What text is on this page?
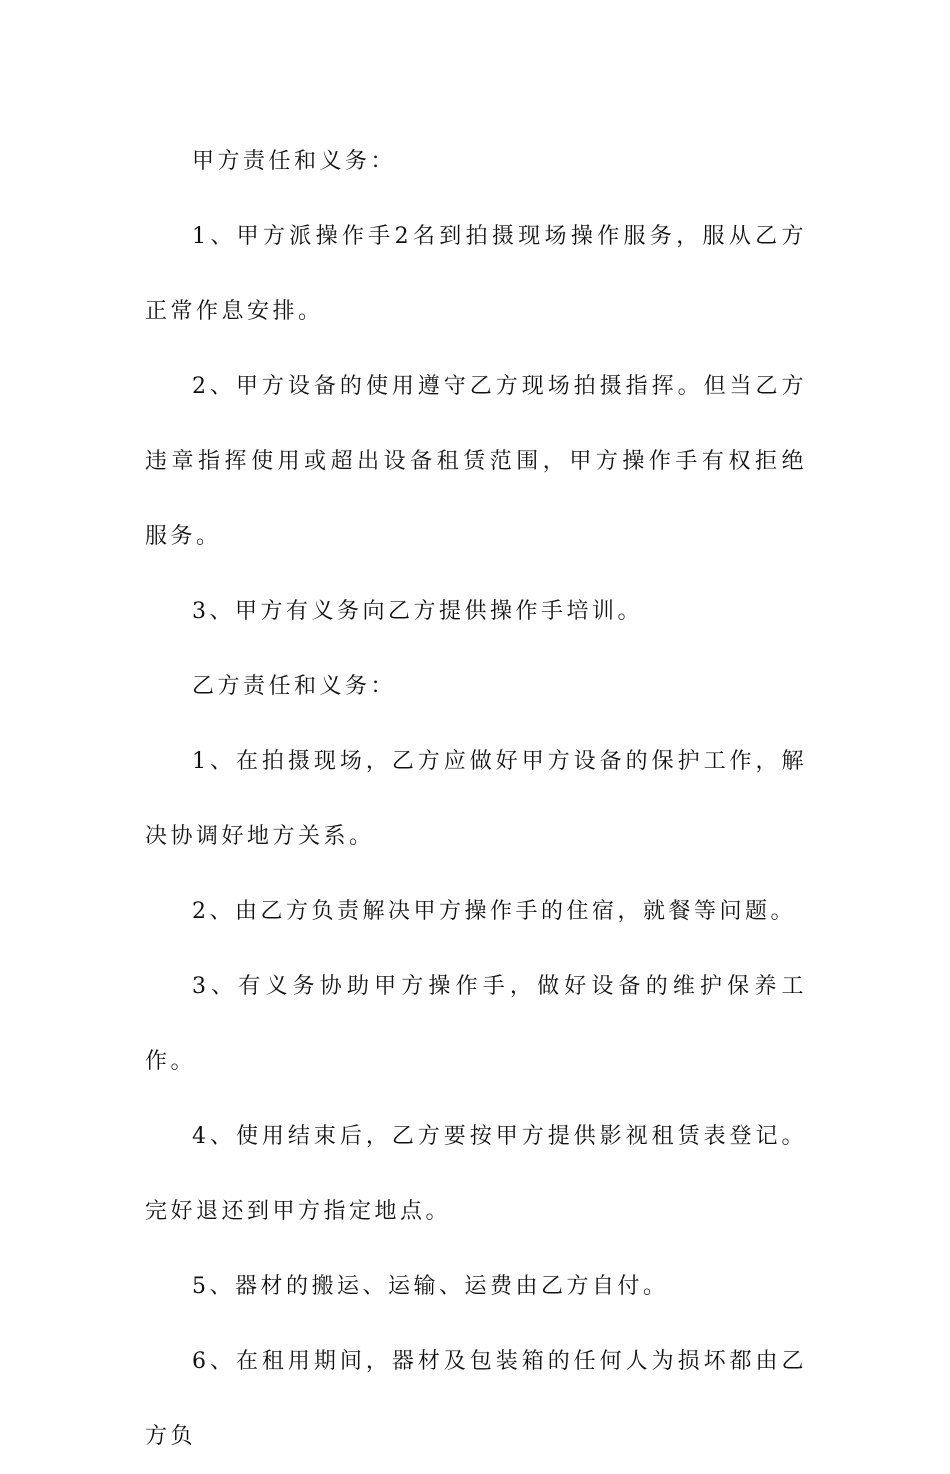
甲方责任和义务：

1、甲方派操作手2名到拍摄现场操作服务，服从乙方正常作息安排。

2、甲方设备的使用遵守乙方现场拍摄指挥。但当乙方违章指挥使用或超出设备租赁范围，甲方操作手有权拒绝服务。

3、甲方有义务向乙方提供操作手培训。

乙方责任和义务：

1、在拍摄现场，乙方应做好甲方设备的保护工作，解决协调好地方关系。

2、由乙方负责解决甲方操作手的住宿，就餐等问题。

3、有义务协助甲方操作手，做好设备的维护保养工作。

4、使用结束后，乙方要按甲方提供影视租赁表登记。完好退还到甲方指定地点。

5、器材的搬运、运输、运费由乙方自付。

6、在租用期间，器材及包装箱的任何人为损坏都由乙方负
